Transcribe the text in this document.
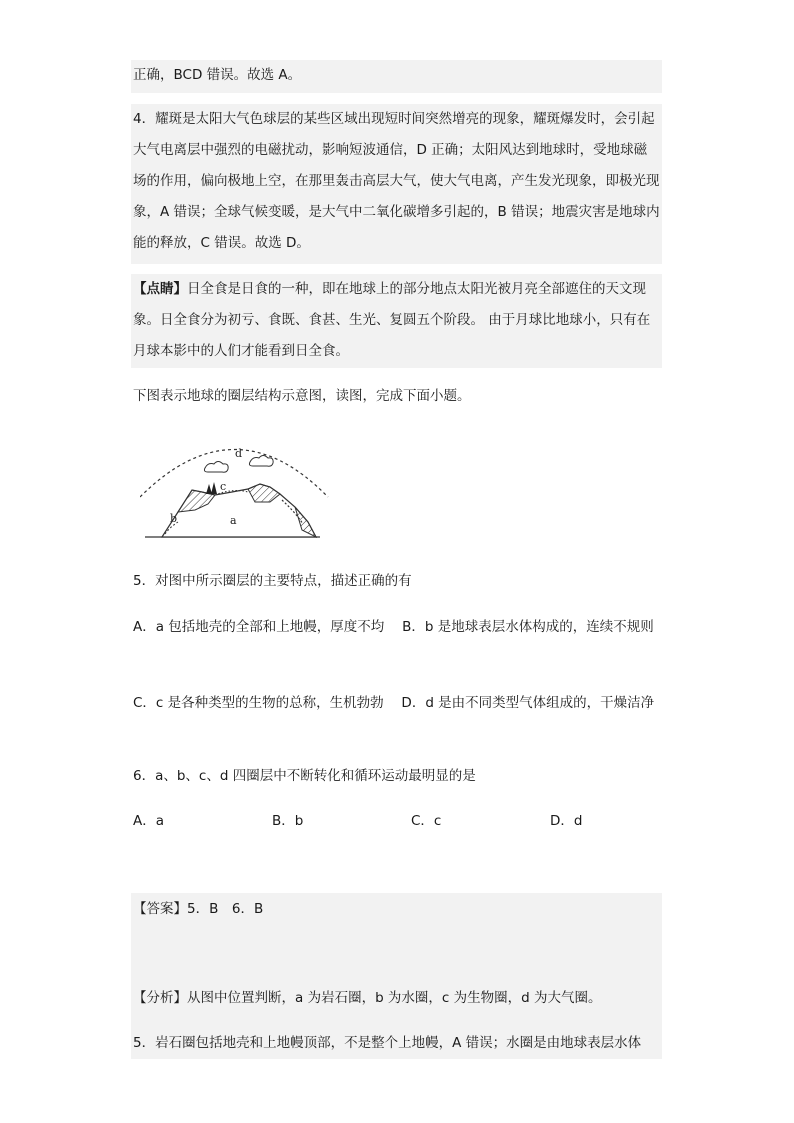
正确，BCD 错误。故选 A。

4．耀斑是太阳大气色球层的某些区域出现短时间突然增亮的现象，耀斑爆发时，会引起大气电离层中强烈的电磁扰动，影响短波通信，D 正确；太阳风达到地球时，受地球磁场的作用，偏向极地上空，在那里轰击高层大气，使大气电离，产生发光现象，即极光现象，A 错误；全球气候变暖，是大气中二氧化碳增多引起的，B 错误；地震灾害是地球内能的释放，C 错误。故选 D。

【点睛】日全食是日食的一种，即在地球上的部分地点太阳光被月亮全部遮住的天文现象。日全食分为初亏、食既、食甚、生光、复圆五个阶段。 由于月球比地球小，只有在月球本影中的人们才能看到日全食。

下图表示地球的圈层结构示意图，读图，完成下面小题。

d
c
b	a

5．对图中所示圈层的主要特点，描述正确的有

A．a 包括地壳的全部和上地幔，厚度不均　 B．b 是地球表层水体构成的，连续不规则

C．c 是各种类型的生物的总称，生机勃勃　 D．d 是由不同类型气体组成的，干燥洁净

6．a、b、c、d 四圈层中不断转化和循环运动最明显的是

A．a	B．b	C．c	D．d

【答案】5．B　6．B

【分析】从图中位置判断，a 为岩石圈，b 为水圈，c 为生物圈，d 为大气圈。

5．岩石圈包括地壳和上地幔顶部，不是整个上地幔，A 错误；水圈是由地球表层水体
